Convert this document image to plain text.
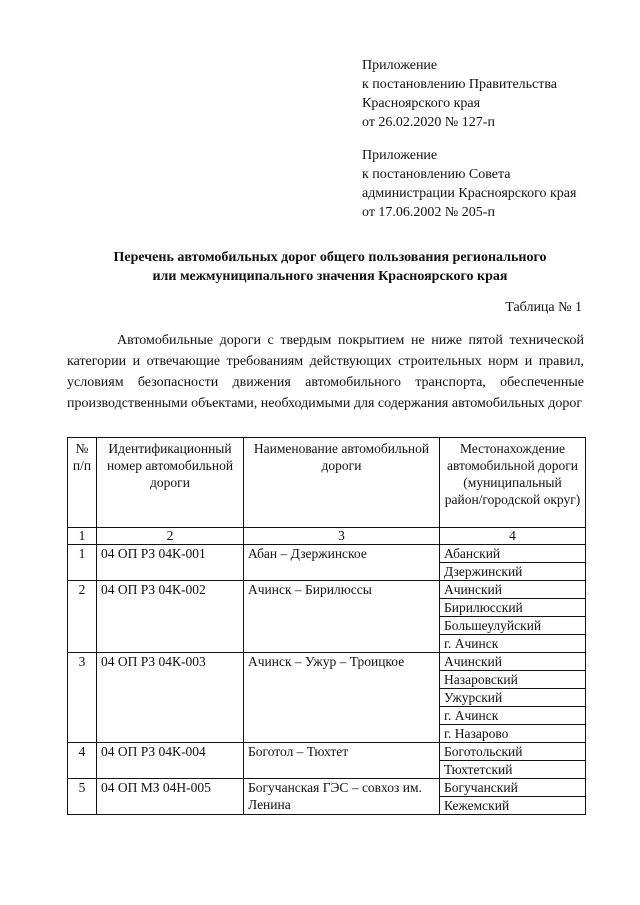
Приложение
к постановлению Правительства
Красноярского края
от 26.02.2020 № 127-п
Приложение
к постановлению Совета
администрации Красноярского края
от 17.06.2002 № 205-п
Перечень автомобильных дорог общего пользования регионального
или межмуниципального значения Красноярского края
Таблица № 1
Автомобильные дороги с твердым покрытием не ниже пятой технической категории и отвечающие требованиям действующих строительных норм и правил, условиям безопасности движения автомобильного транспорта, обеспеченные производственными объектами, необходимыми для содержания автомобильных дорог
№ п/п	Идентификационный номер автомобильной дороги	Наименование автомобильной дороги	Местонахождение автомобильной дороги (муниципальный район/городской округ)
1	2	3	4
1	04 ОП РЗ 04К-001	Абан – Дзержинское	Абанский
			Дзержинский
2	04 ОП РЗ 04К-002	Ачинск – Бирилюссы	Ачинский
			Бирилюсский
			Большеулуйский
			г. Ачинск
3	04 ОП РЗ 04К-003	Ачинск – Ужур – Троицкое	Ачинский
			Назаровский
			Ужурский
			г. Ачинск
			г. Назарово
4	04 ОП РЗ 04К-004	Боготол – Тюхтет	Боготольский
			Тюхтетский
5	04 ОП МЗ 04Н-005	Богучанская ГЭС – совхоз им. Ленина	Богучанский
			Кежемский
